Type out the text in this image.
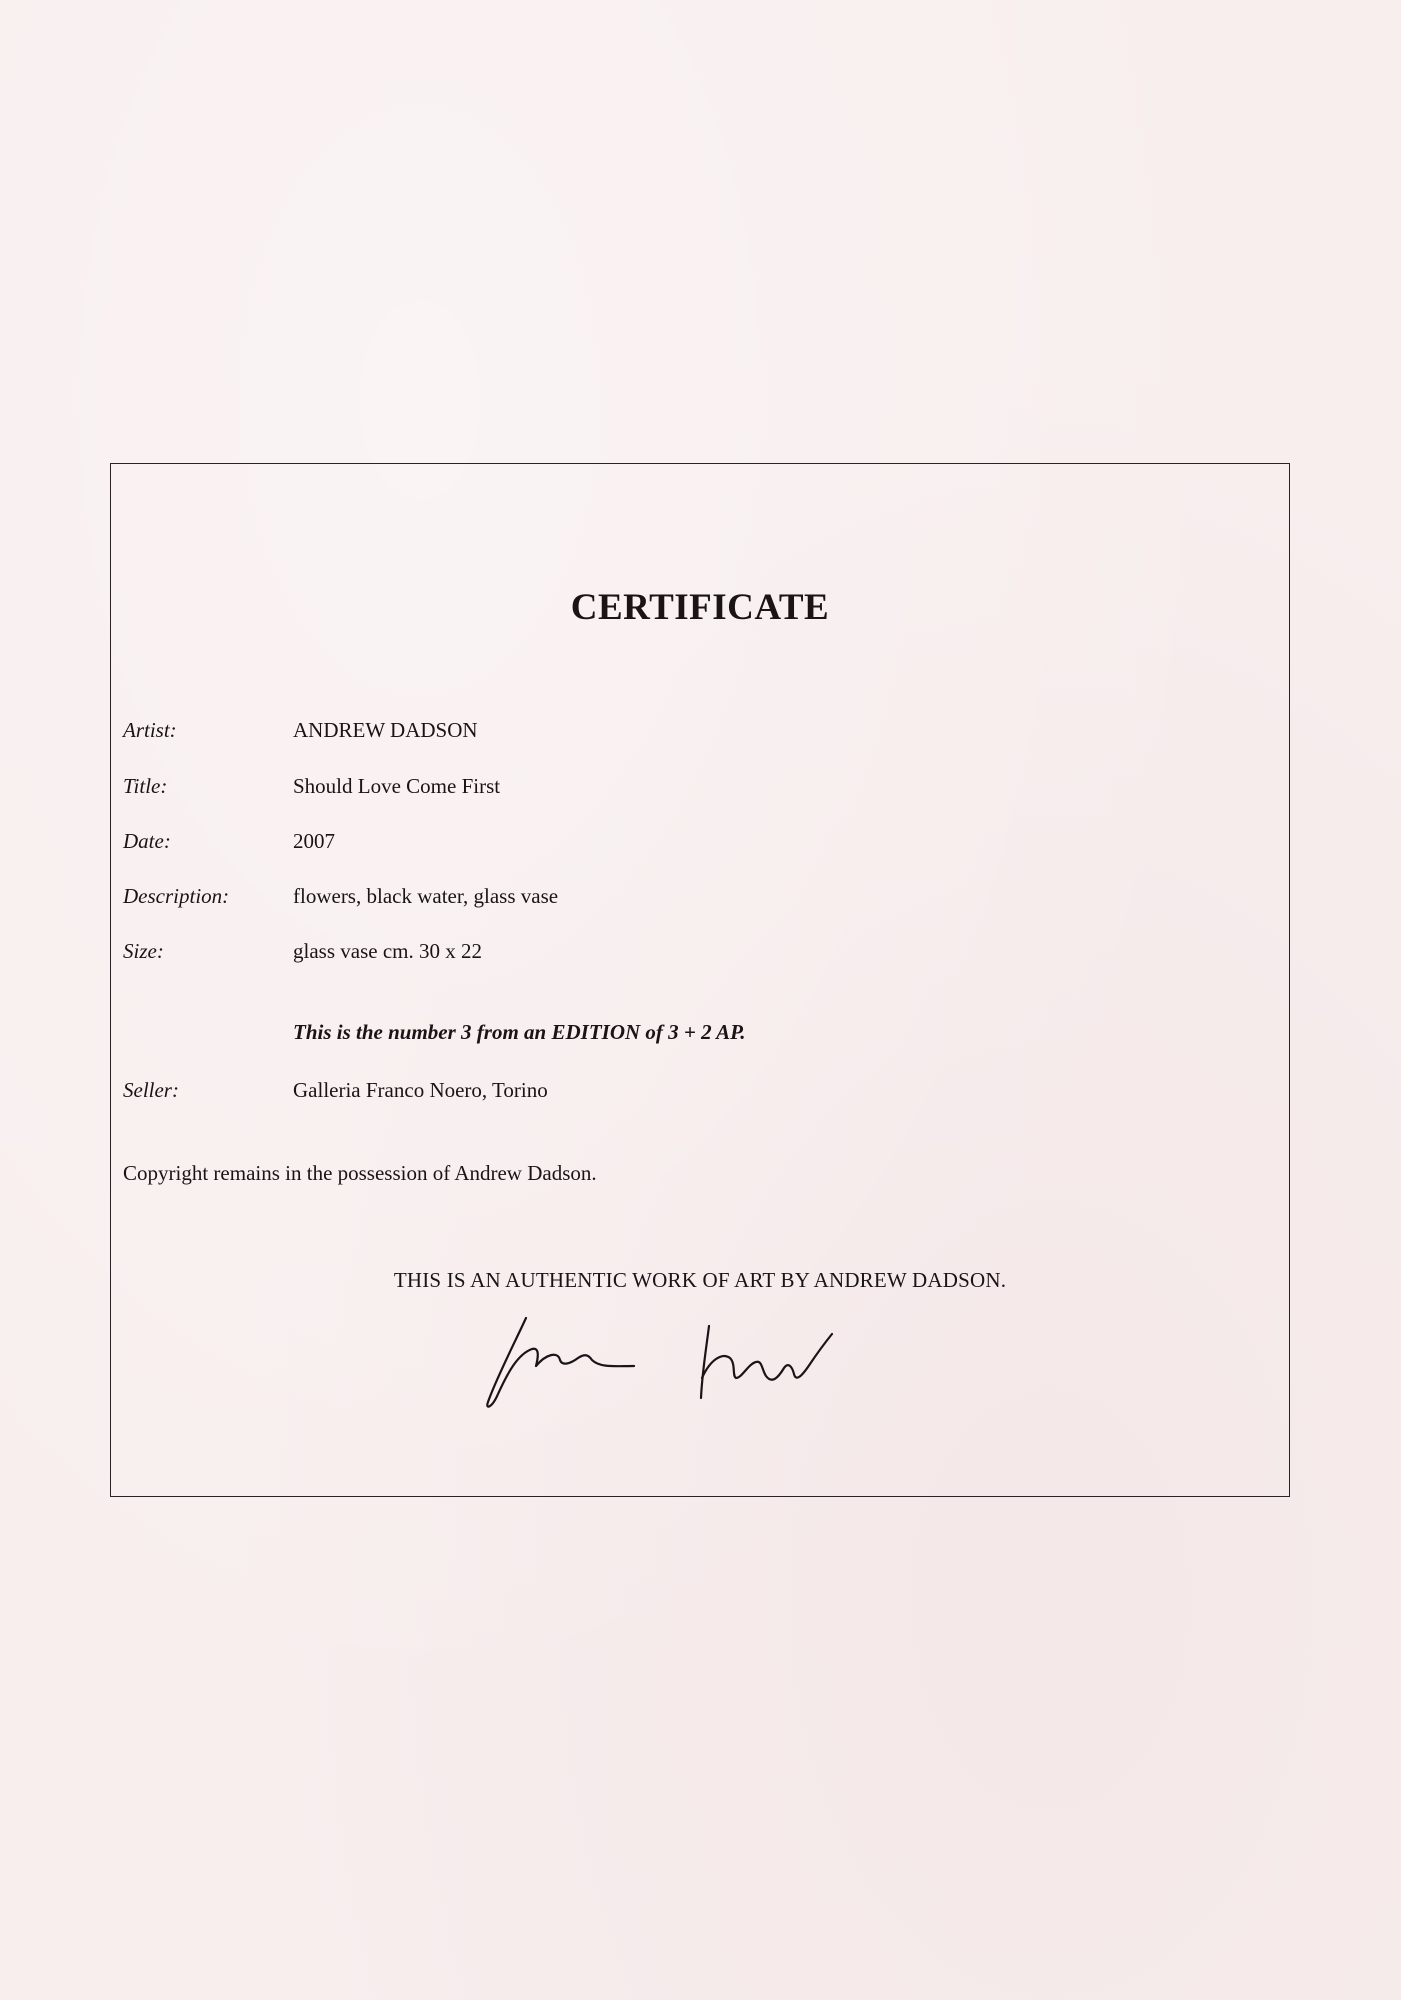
CERTIFICATE
Artist:	ANDREW DADSON
Title:	Should Love Come First
Date:	2007
Description:	flowers, black water, glass vase
Size:	glass vase cm. 30 x 22
This is the number 3 from an EDITION of 3 + 2 AP.
Seller:	Galleria Franco Noero, Torino
Copyright remains in the possession of Andrew Dadson.
THIS IS AN AUTHENTIC WORK OF ART BY ANDREW DADSON.
